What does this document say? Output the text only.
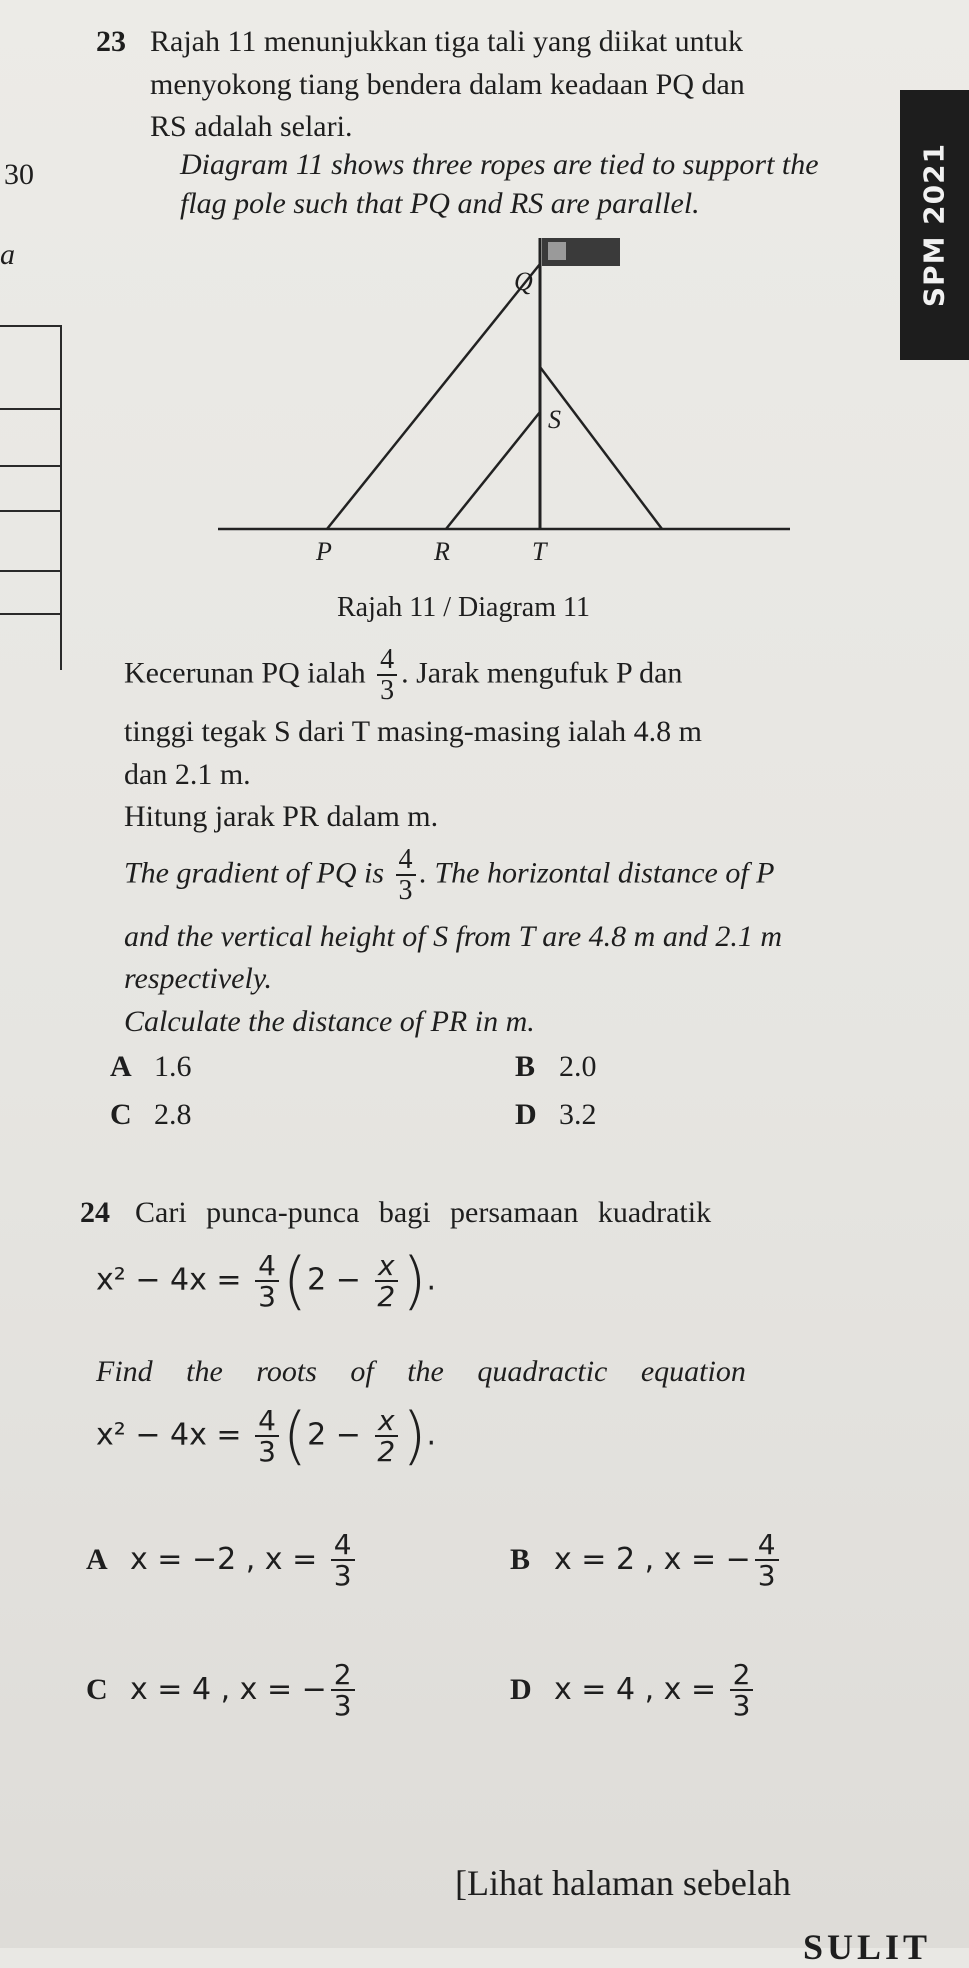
30
a	SPM 2021
23 Rajah 11 menunjukkan tiga tali yang diikat untuk
menyokong tiang bendera dalam keadaan PQ dan
RS adalah selari.
Diagram 11 shows three ropes are tied to support the
flag pole such that PQ and RS are parallel.
Q
S
P	R	T
Rajah 11 / Diagram 11
Kecerunan PQ ialah $\frac{4}{3}$ . Jarak mengufuk P dan
tinggi tegak S dari T masing-masing ialah 4.8 m
dan 2.1 m.
Hitung jarak PR dalam m.
The gradient of PQ is $\frac{4}{3}$ . The horizontal distance of P
and the vertical height of S from T are 4.8 m and 2.1 m
respectively.
Calculate the distance of PR in m.
A 1.6	B 2.0
C 2.8	D 3.2
24 Cari punca-punca bagi persamaan kuadratik
$x^2 - 4x = \frac{4}{3} (2 - \frac{x}{2}$ ).
Find the roots of the quadractic equation
$x^2 - 4x = \frac{4}{3} (2 - \frac{x}{2}$ ).
A x = −2 , $x = \frac{4}{3}$	B x = 2 , x = − $\frac{4}{3}$
C x = 4 , x = − $\frac{2}{3}$	D x = 4 , $x = \frac{2}{3}$
[Lihat halaman sebelah
SULIT
